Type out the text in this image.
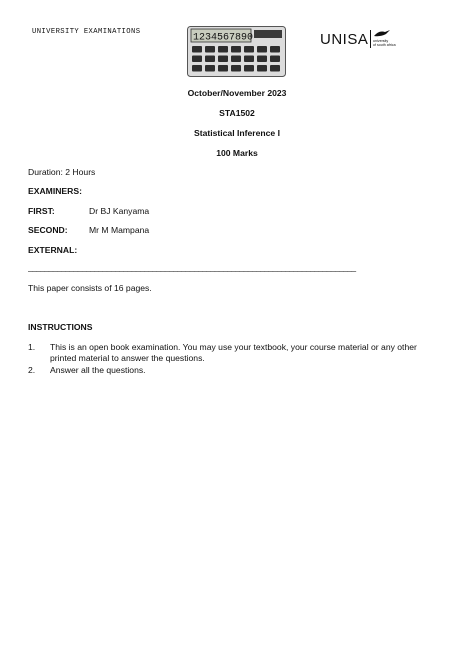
UNIVERSITY EXAMINATIONS
1234567890	UNISA university
of south africa
October/November 2023
STA1502
Statistical Inference I
100 Marks
Duration: 2 Hours
EXAMINERS:
FIRST:	Dr BJ Kanyama
SECOND: Mr M Mampana
EXTERNAL:
_______________________________________________________________________________
This paper consists of 16 pages.
INSTRUCTIONS
1.	This is an open book examination. You may use your textbook, your course material or any other
printed material to answer the questions.
2.	Answer all the questions.
